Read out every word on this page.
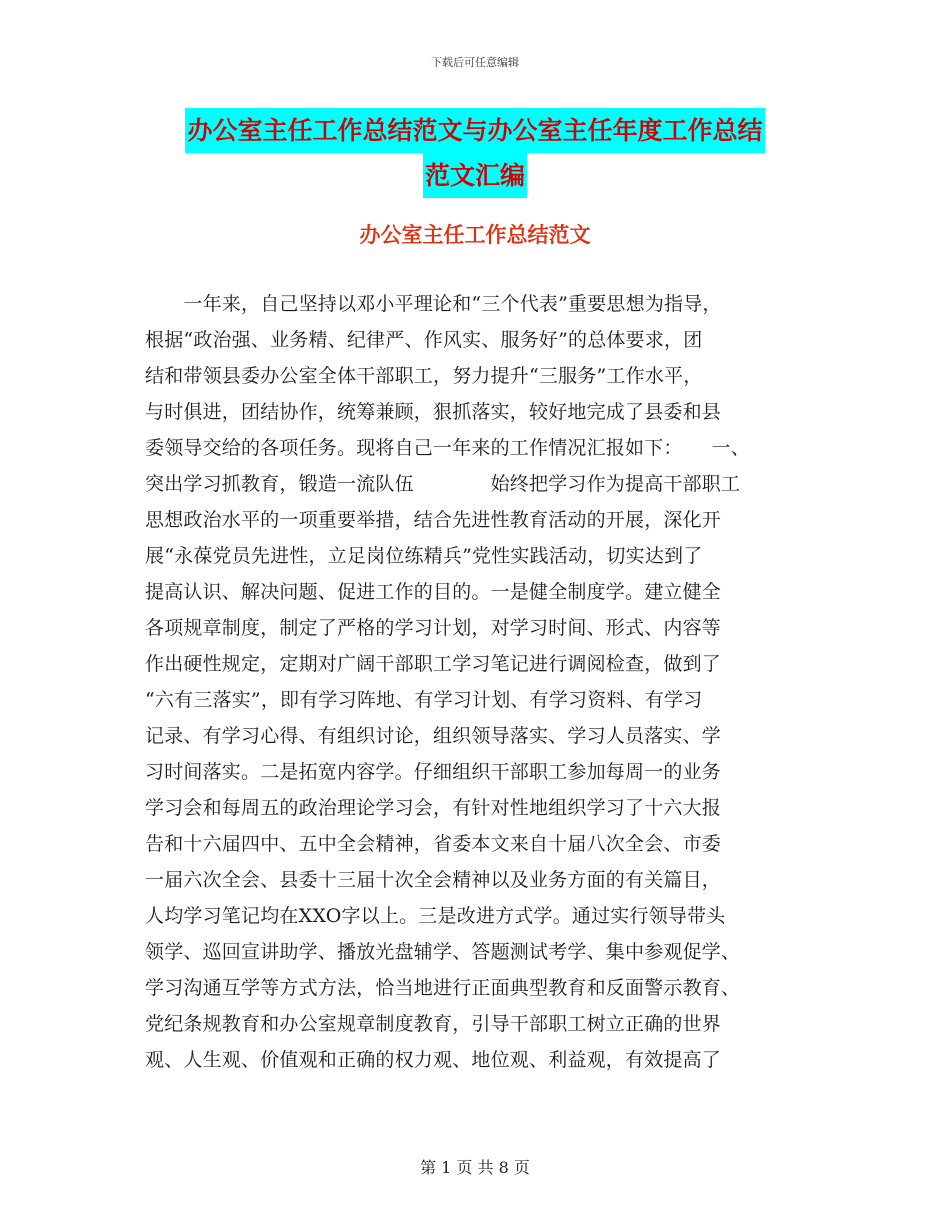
下载后可任意编辑
办公室主任工作总结范文与办公室主任年度工作总结
范文汇编
办公室主任工作总结范文
　　一年来，自己坚持以邓小平理论和“三个代表”重要思想为指导，
根据“政治强、业务精、纪律严、作风实、服务好”的总体要求，团
结和带领县委办公室全体干部职工，努力提升“三服务”工作水平，
与时俱进，团结协作，统筹兼顾，狠抓落实，较好地完成了县委和县
委领导交给的各项任务。现将自己一年来的工作情况汇报如下：　　一、
突出学习抓教育，锻造一流队伍　　　　始终把学习作为提高干部职工
思想政治水平的一项重要举措，结合先进性教育活动的开展，深化开
展“永葆党员先进性，立足岗位练精兵”党性实践活动，切实达到了
提高认识、解决问题、促进工作的目的。一是健全制度学。建立健全
各项规章制度，制定了严格的学习计划，对学习时间、形式、内容等
作出硬性规定，定期对广阔干部职工学习笔记进行调阅检查，做到了
“六有三落实”，即有学习阵地、有学习计划、有学习资料、有学习
记录、有学习心得、有组织讨论，组织领导落实、学习人员落实、学
习时间落实。二是拓宽内容学。仔细组织干部职工参加每周一的业务
学习会和每周五的政治理论学习会，有针对性地组织学习了十六大报
告和十六届四中、五中全会精神，省委本文来自十届八次全会、市委
一届六次全会、县委十三届十次全会精神以及业务方面的有关篇目，
人均学习笔记均在XXO字以上。三是改进方式学。通过实行领导带头
领学、巡回宣讲助学、播放光盘辅学、答题测试考学、集中参观促学、
学习沟通互学等方式方法，恰当地进行正面典型教育和反面警示教育、
党纪条规教育和办公室规章制度教育，引导干部职工树立正确的世界
观、人生观、价值观和正确的权力观、地位观、利益观，有效提高了
第 1 页 共 8 页
